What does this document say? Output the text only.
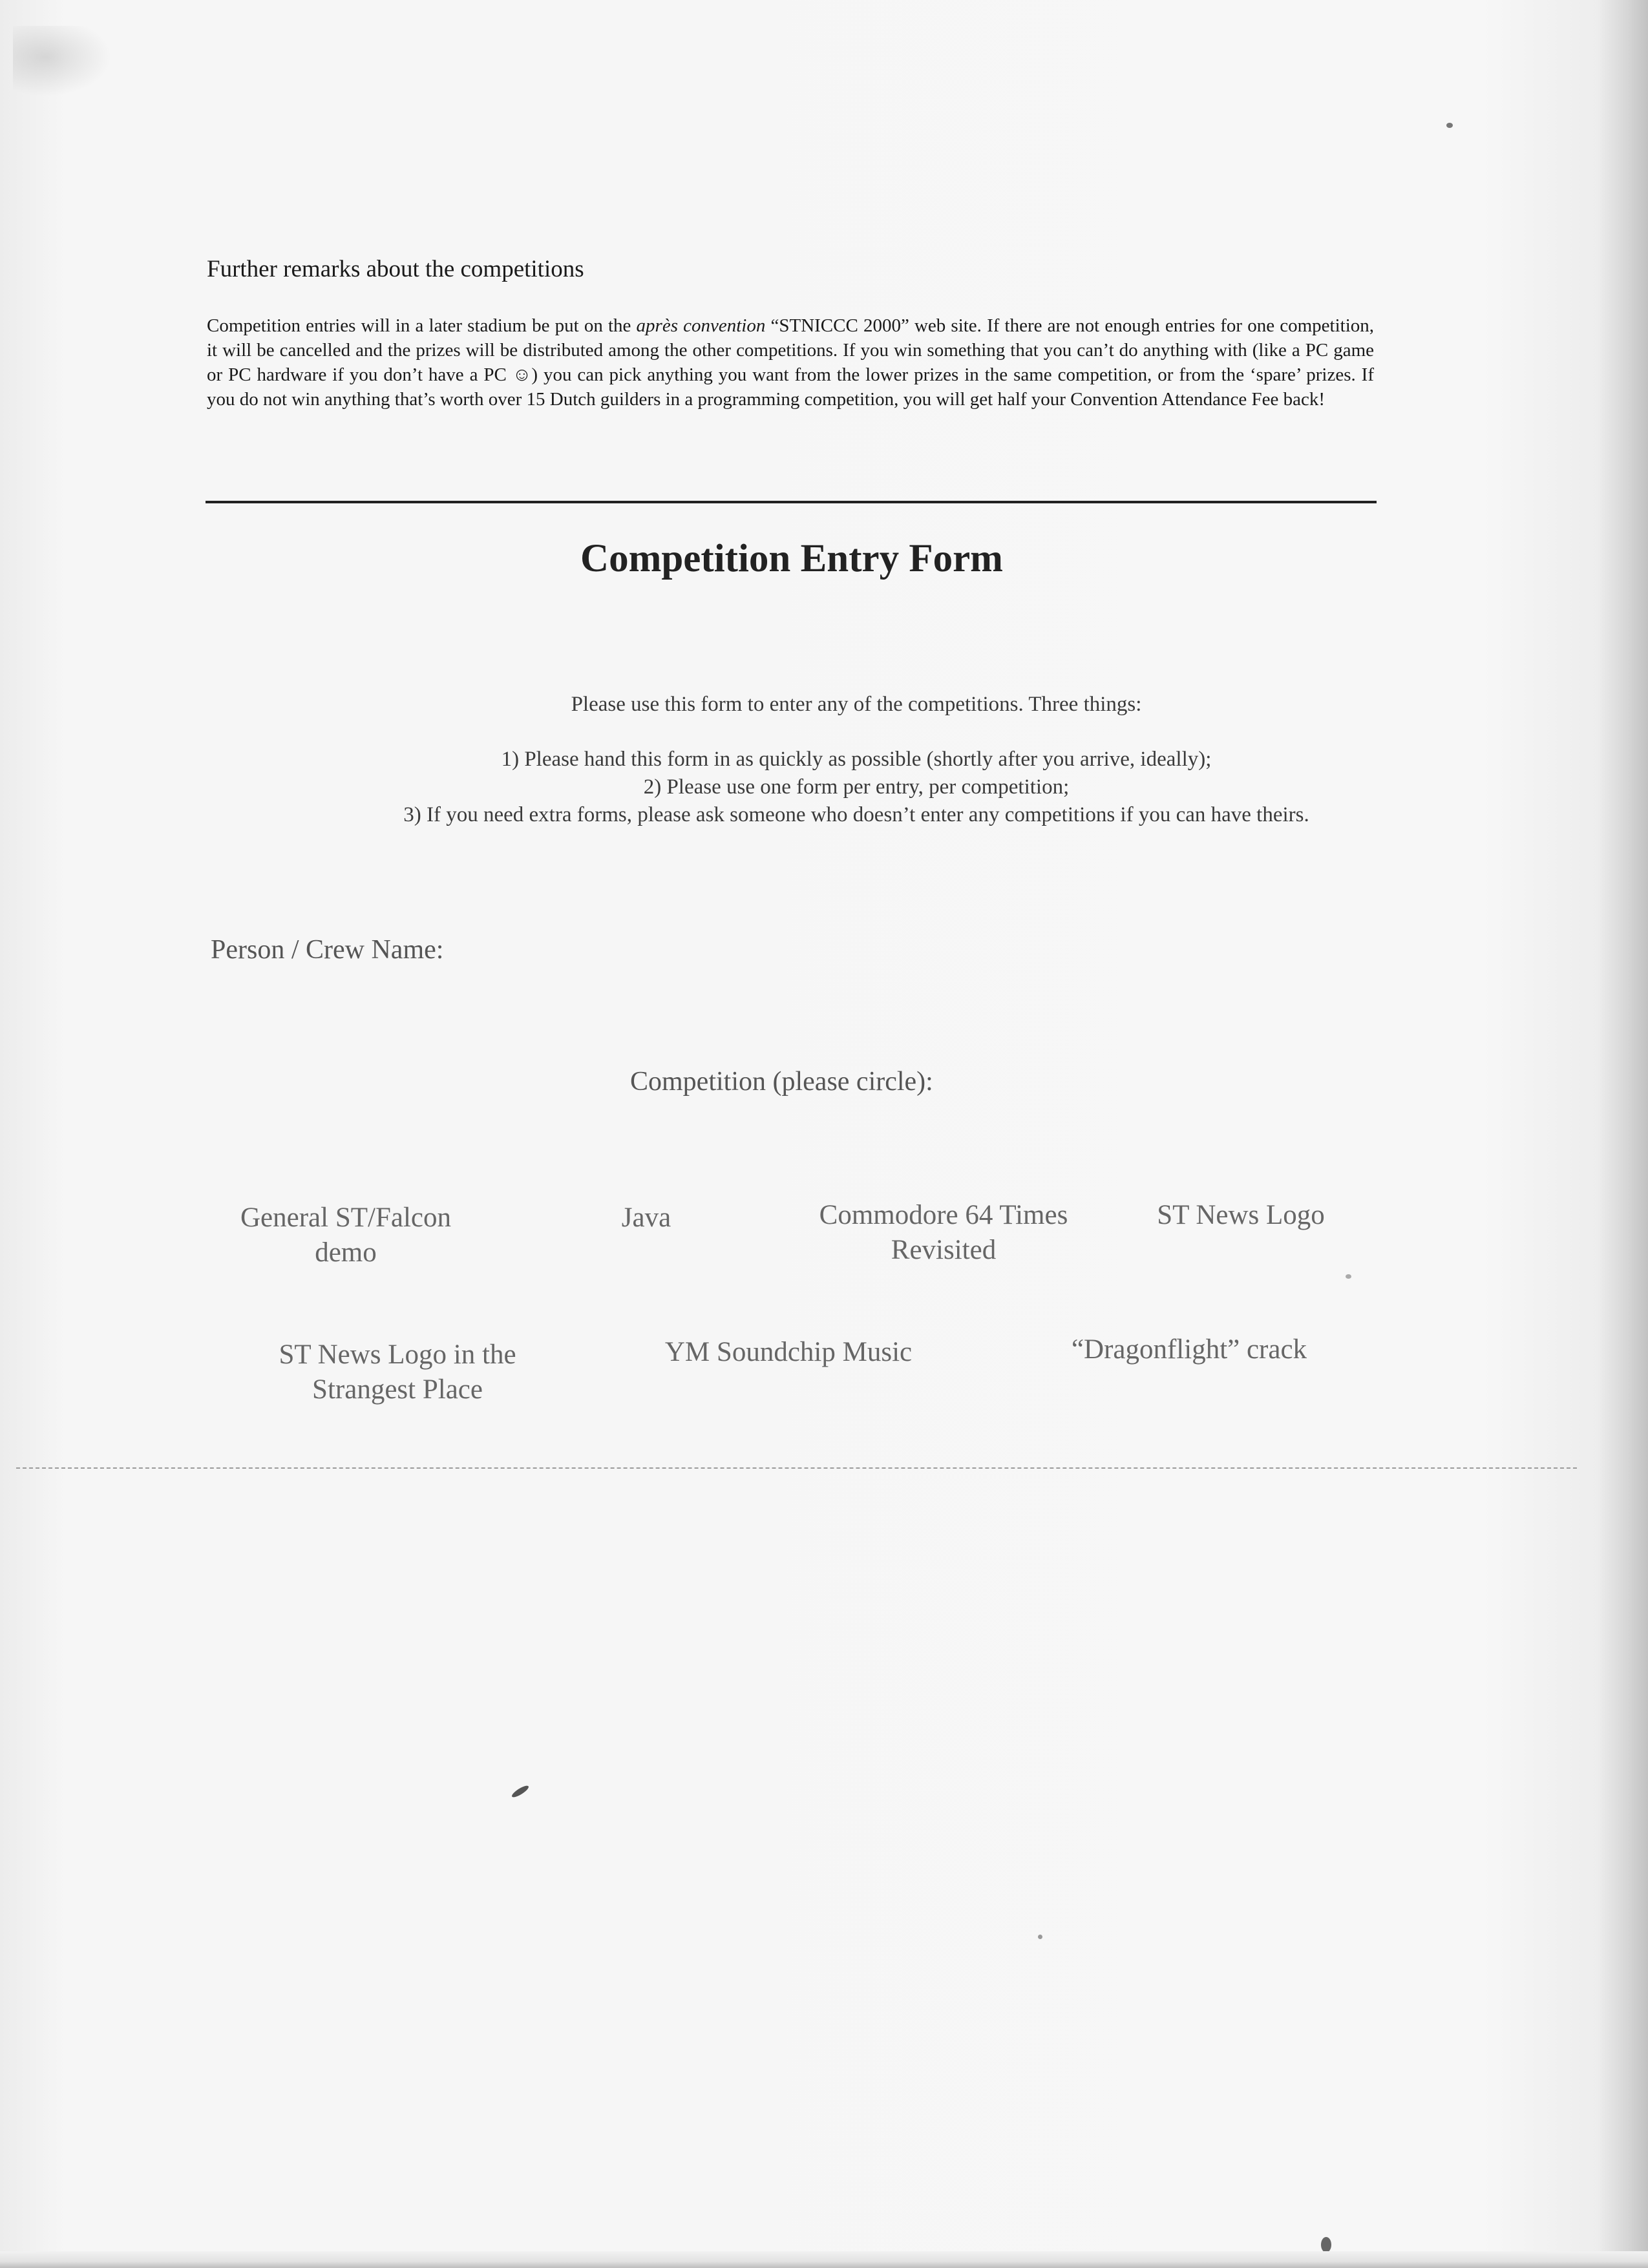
Further remarks about the competitions

Competition entries will in a later stadium be put on the après convention “STNICCC 2000” web site. If there are not enough entries for one competition, it will be cancelled and the prizes will be distributed among the other competitions. If you win something that you can’t do anything with (like a PC game or PC hardware if you don’t have a PC ☺) you can pick anything you want from the lower prizes in the same competition, or from the ‘spare’ prizes. If you do not win anything that’s worth over 15 Dutch guilders in a programming competition, you will get half your Convention Attendance Fee back!

Competition Entry Form

Please use this form to enter any of the competitions. Three things:

1) Please hand this form in as quickly as possible (shortly after you arrive, ideally);

2) Please use one form per entry, per competition;

3) If you need extra forms, please ask someone who doesn’t enter any competitions if you can have theirs.

Person / Crew Name:
Competition (please circle):
General ST/Falcon
demo
Java	Commodore 64 Times
Revisited
ST News Logo
ST News Logo in the
Strangest Place
YM Soundchip Music	“Dragonflight” crack
